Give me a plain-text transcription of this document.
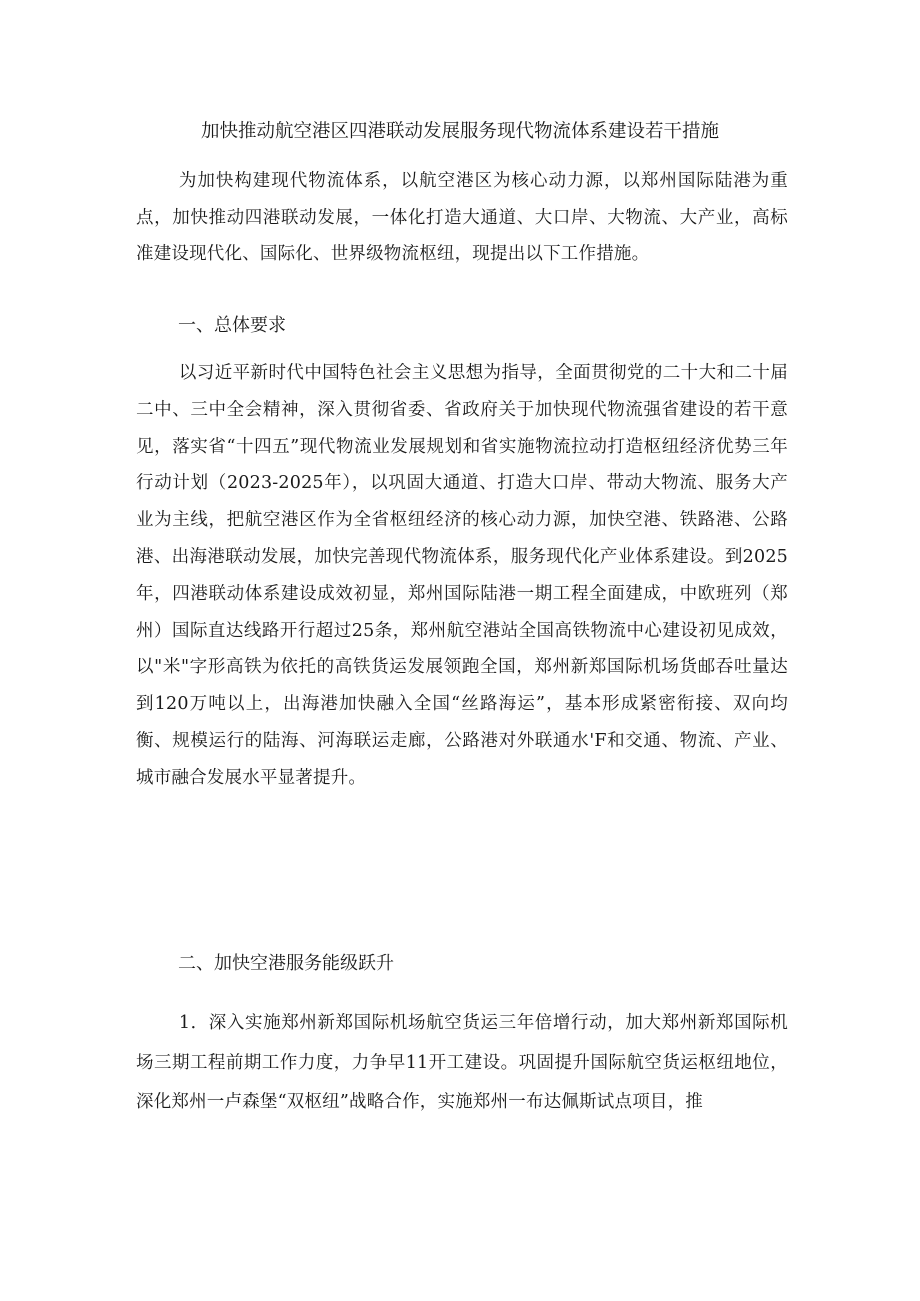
加快推动航空港区四港联动发展服务现代物流体系建设若干措施
为加快构建现代物流体系，以航空港区为核心动力源，以郑州国际陆港为重点，加快推动四港联动发展，一体化打造大通道、大口岸、大物流、大产业，高标准建设现代化、国际化、世界级物流枢纽，现提出以下工作措施。
一、总体要求
以习近平新时代中国特色社会主义思想为指导，全面贯彻党的二十大和二十届二中、三中全会精神，深入贯彻省委、省政府关于加快现代物流强省建设的若干意见，落实省“十四五”现代物流业发展规划和省实施物流拉动打造枢纽经济优势三年行动计划（2023-2025年），以巩固大通道、打造大口岸、带动大物流、服务大产业为主线，把航空港区作为全省枢纽经济的核心动力源，加快空港、铁路港、公路港、出海港联动发展，加快完善现代物流体系，服务现代化产业体系建设。到2025年，四港联动体系建设成效初显，郑州国际陆港一期工程全面建成，中欧班列（郑州）国际直达线路开行超过25条，郑州航空港站全国高铁物流中心建设初见成效，以"米"字形高铁为依托的高铁货运发展领跑全国，郑州新郑国际机场货邮吞吐量达到120万吨以上，出海港加快融入全国“丝路海运”，基本形成紧密衔接、双向均衡、规模运行的陆海、河海联运走廊，公路港对外联通水'F和交通、物流、产业、城市融合发展水平显著提升。
二、加快空港服务能级跃升
1．深入实施郑州新郑国际机场航空货运三年倍增行动，加大郑州新郑国际机场三期工程前期工作力度，力争早11开工建设。巩固提升国际航空货运枢纽地位，深化郑州一卢森堡“双枢纽”战略合作，实施郑州一布达佩斯试点项目，推
